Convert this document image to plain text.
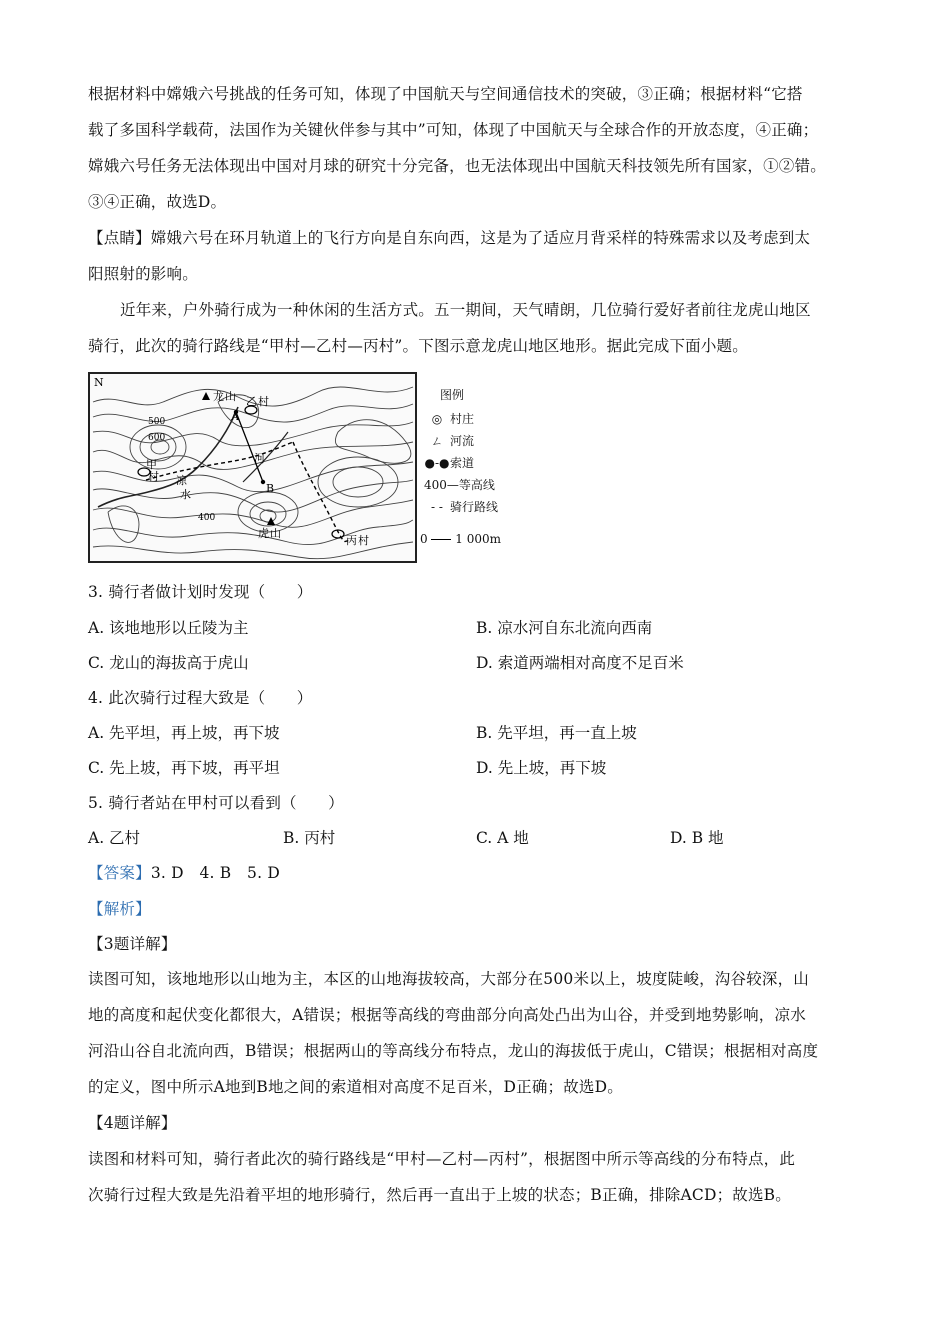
根据材料中嫦娥六号挑战的任务可知，体现了中国航天与空间通信技术的突破，③正确；根据材料“它搭
载了多国科学载荷，法国作为关键伙伴参与其中”可知，体现了中国航天与全球合作的开放态度，④正确；
嫦娥六号任务无法体现出中国对月球的研究十分完备，也无法体现出中国航天科技领先所有国家，①②错。
③④正确，故选D。
【点睛】嫦娥六号在环月轨道上的飞行方向是自东向西，这是为了适应月背采样的特殊需求以及考虑到太
阳照射的影响。
近年来，户外骑行成为一种休闲的生活方式。五一期间，天气晴朗，几位骑行爱好者前往龙虎山地区
骑行，此次的骑行路线是“甲村—乙村—丙村”。下图示意龙虎山地区地形。据此完成下面小题。
N
龙 山
甲
村 凉
水
500
400
600
河
乙 村
A
B
虎 山
丙 村
图例
◎ 村庄
ㄥ 河流
●-●索道
400—等高线
- - 骑行路线
0 1 000m
3. 骑行者做计划时发现（　　）
A. 该地地形以丘陵为主	B. 凉水河自东北流向西南
C. 龙山的海拔高于虎山	D. 索道两端相对高度不足百米
4. 此次骑行过程大致是（　　）
A. 先平坦，再上坡，再下坡	B. 先平坦，再一直上坡
C. 先上坡，再下坡，再平坦	D. 先上坡，再下坡
5. 骑行者站在甲村可以看到（　　）
A. 乙村	B. 丙村	C. A 地	D. B 地
【答案】3. D　4. B　5. D
【解析】
【3题详解】
读图可知，该地地形以山地为主，本区的山地海拔较高，大部分在500米以上，坡度陡峻，沟谷较深，山
地的高度和起伏变化都很大，A错误；根据等高线的弯曲部分向高处凸出为山谷，并受到地势影响，凉水
河沿山谷自北流向西，B错误；根据两山的等高线分布特点，龙山的海拔低于虎山，C错误；根据相对高度
的定义，图中所示A地到B地之间的索道相对高度不足百米，D正确；故选D。
【4题详解】
读图和材料可知，骑行者此次的骑行路线是“甲村—乙村—丙村”，根据图中所示等高线的分布特点，此
次骑行过程大致是先沿着平坦的地形骑行，然后再一直出于上坡的状态；B正确，排除ACD；故选B。
